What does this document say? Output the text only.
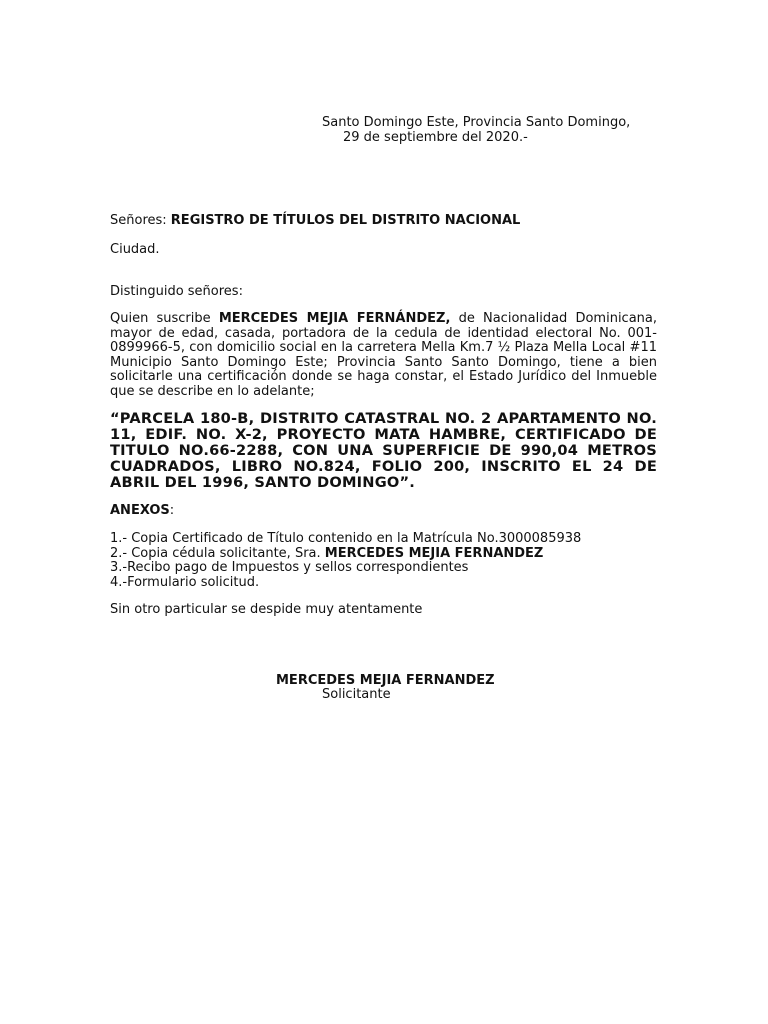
Santo Domingo Este, Provincia Santo Domingo,
29 de septiembre del 2020.-
Señores: REGISTRO DE TÍTULOS DEL DISTRITO NACIONAL
Ciudad.
Distinguido señores:
Quien suscribe MERCEDES MEJIA FERNÁNDEZ, de Nacionalidad Dominicana, mayor de edad, casada, portadora de la cedula de identidad electoral No. 001-0899966-5, con domicilio social en la carretera Mella Km.7 ½ Plaza Mella Local #11 Municipio Santo Domingo Este; Provincia Santo Santo Domingo, tiene a bien solicitarle una certificación donde se haga constar, el Estado Jurídico del Inmueble que se describe en lo adelante;
“PARCELA 180-B, DISTRITO CATASTRAL NO. 2 APARTAMENTO NO. 11, EDIF. NO. X-2, PROYECTO MATA HAMBRE, CERTIFICADO DE TITULO NO.66-2288, CON UNA SUPERFICIE DE 990,04 METROS CUADRADOS, LIBRO NO.824, FOLIO 200, INSCRITO EL 24 DE ABRIL DEL 1996, SANTO DOMINGO”.
ANEXOS:
1.- Copia Certificado de Título contenido en la Matrícula No.3000085938
2.- Copia cédula solicitante, Sra. MERCEDES MEJIA FERNANDEZ
3.-Recibo pago de Impuestos y sellos correspondientes
4.-Formulario solicitud.
Sin otro particular se despide muy atentamente
MERCEDES MEJIA FERNANDEZ
Solicitante
